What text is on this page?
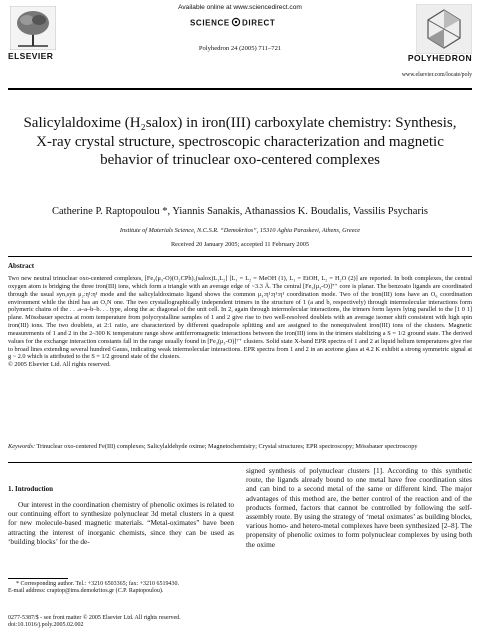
ELSEVIER
Available online at www.sciencedirect.com
SCIENCE DIRECT
Polyhedron 24 (2005) 711–721
POLYHEDRON
www.elsevier.com/locate/poly
Salicylaldoxime (H₂salox) in iron(III) carboxylate chemistry: Synthesis, X-ray crystal structure, spectroscopic characterization and magnetic behavior of trinuclear oxo-centered complexes
Catherine P. Raptopoulou *, Yiannis Sanakis, Athanassios K. Boudalis, Vassilis Psycharis
Institute of Materials Science, N.C.S.R. “Demokritos”, 15310 Aghia Paraskevi, Athens, Greece
Received 20 January 2005; accepted 11 February 2005
Abstract

Two new neutral trinuclear oxo-centered complexes, [Fe₃(μ₃-O)(O₂CPh)₅(salox)L₁L₂] [L₁ = L₂ = MeOH (1), L₁ = EtOH, L₂ = H₂O (2)] are reported. In both complexes, the central oxygen atom is bridging the three iron(III) ions, which form a triangle with an average edge of ~3.3 Å. The central [Fe₃(μ₃-O)]⁷⁺ core is planar. The benzoato ligands are coordinated through the usual syn,syn μ₂:η¹:η¹ mode and the salicylaldoximato ligand shows the common μ₃:η¹:η¹:η¹ coordination mode. Two of the iron(III) ions have an O₆ coordination environment while the third has an O₅N one. The two crystallographically independent trimers in the structure of 1 (a and b, respectively) through intermolecular interactions form polymeric chains of the . . .a–a–b–b. . . type, along the ac diagonal of the unit cell. In 2, again through intermolecular interactions, the trimers form layers lying parallel to the [1 0 1] plane. Mössbauer spectra at room temperature from polycrystalline samples of 1 and 2 give rise to two well-resolved doublets with an average isomer shift consistent with high spin iron(III) ions. The two doublets, at 2:1 ratio, are characterized by different quadrupole splitting and are assigned to the nonequivalent iron(III) ions of the clusters. Magnetic measurements of 1 and 2 in the 2–300 K temperature range show antiferromagnetic interactions between the iron(III) ions in the trimers stabilizing a S = 1/2 ground state. The derived values for the exchange interaction constants fall in the range usually found in [Fe₃(μ₃-O)]⁷⁺ clusters. Solid state X-band EPR spectra of 1 and 2 at liquid helium temperatures give rise to broad lines extending several hundred Gauss, indicating weak intermolecular interactions. EPR spectra from 1 and 2 in an acetone glass at 4.2 K exhibit a strong symmetric signal at g ~ 2.0 which is attributed to the S = 1/2 ground state of the clusters.
© 2005 Elsevier Ltd. All rights reserved.

Keywords: Trinuclear oxo-centered Fe(III) complexes; Salicylaldehyde oxime; Magnetochemistry; Crystal structures; EPR spectroscopy; Mössbauer spectroscopy

1. Introduction

Our interest in the coordination chemistry of phenolic oximes is related to our continuing effort to synthesize polynuclear 3d metal clusters in a quest for new molecule-based magnetic materials. “Metal-oximates” have been attracting the interest of inorganic chemists, since they can be used as ‘building blocks’ for the de-

signed synthesis of polynuclear clusters [1]. According to this synthetic route, the ligands already bound to one metal have free coordination sites and can bind to a second metal of the same or different kind. The major advantages of this method are, the better control of the reaction and of the products formed, factors that cannot be controlled by following the self-assembly route. By using the strategy of ‘metal oximates’ as building blocks, various homo- and hetero-metal complexes have been synthesized [2–8]. The propensity of phenolic oximes to form polynuclear complexes by using both the oxime

* Corresponding author. Tel.: +3210 6503365; fax: +3210 6519430.
E-mail address: craptop@ims.demokritos.gr (C.P. Raptopoulou).

0277-5387/$ - see front matter © 2005 Elsevier Ltd. All rights reserved.
doi:10.1016/j.poly.2005.02.002
